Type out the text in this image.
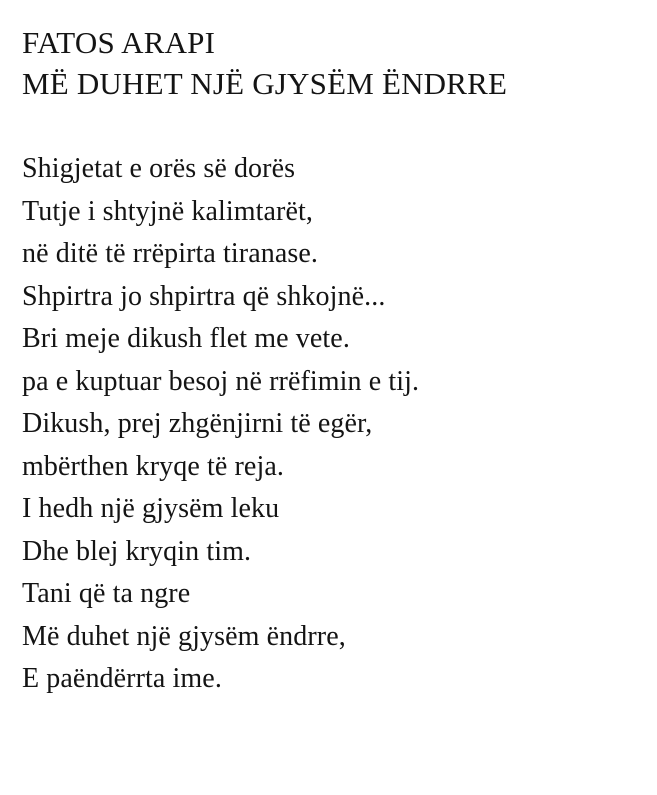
FATOS ARAPI
MË DUHET NJË GJYSËM ËNDRRE
Shigjetat e orës së dorës
Tutje i shtyjnë kalimtarët,
në ditë të rrëpirta tiranase.
Shpirtra jo shpirtra që shkojnë...
Bri meje dikush flet me vete.
pa e kuptuar besoj në rrëfimin e tij.
Dikush, prej zhgënjirni të egër,
mbërthen kryqe të reja.
I hedh një gjysëm leku
Dhe blej kryqin tim.
Tani që ta ngre
Më duhet një gjysëm ëndrre,
E paëndërrta ime.
